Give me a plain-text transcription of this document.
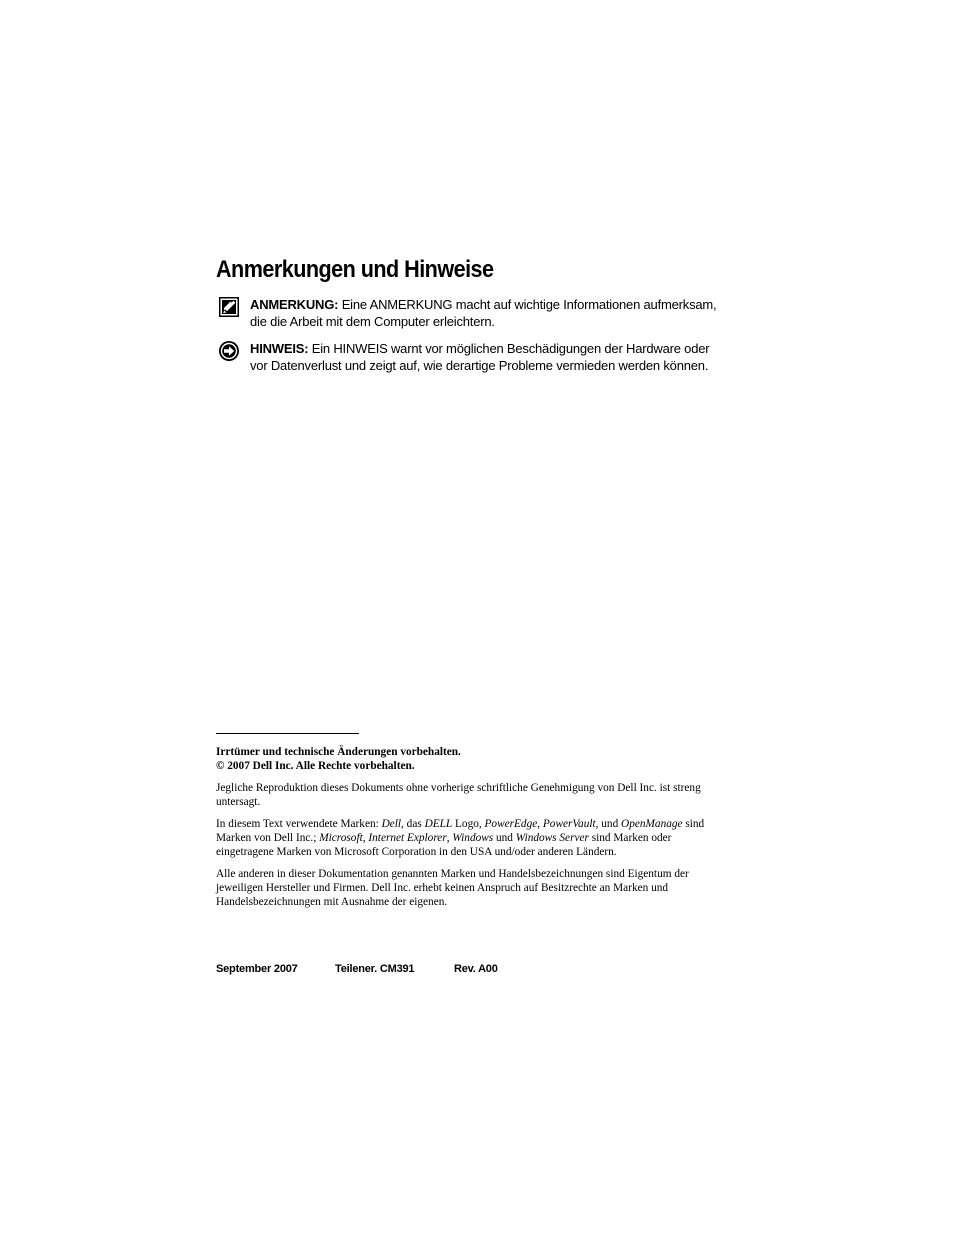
Anmerkungen und Hinweise
ANMERKUNG: Eine ANMERKUNG macht auf wichtige Informationen aufmerksam, die die Arbeit mit dem Computer erleichtern.
HINWEIS: Ein HINWEIS warnt vor möglichen Beschädigungen der Hardware oder vor Datenverlust und zeigt auf, wie derartige Probleme vermieden werden können.

Irrtümer und technische Änderungen vorbehalten.
© 2007 Dell Inc. Alle Rechte vorbehalten.

Jegliche Reproduktion dieses Dokuments ohne vorherige schriftliche Genehmigung von Dell Inc. ist streng untersagt.

In diesem Text verwendete Marken: Dell, das DELL Logo, PowerEdge, PowerVault, und OpenManage sind Marken von Dell Inc.; Microsoft, Internet Explorer, Windows und Windows Server sind Marken oder eingetragene Marken von Microsoft Corporation in den USA und/oder anderen Ländern.

Alle anderen in dieser Dokumentation genannten Marken und Handelsbezeichnungen sind Eigentum der jeweiligen Hersteller und Firmen. Dell Inc. erhebt keinen Anspruch auf Besitzrechte an Marken und Handelsbezeichnungen mit Ausnahme der eigenen.

September 2007	Teilener. CM391	Rev. A00
